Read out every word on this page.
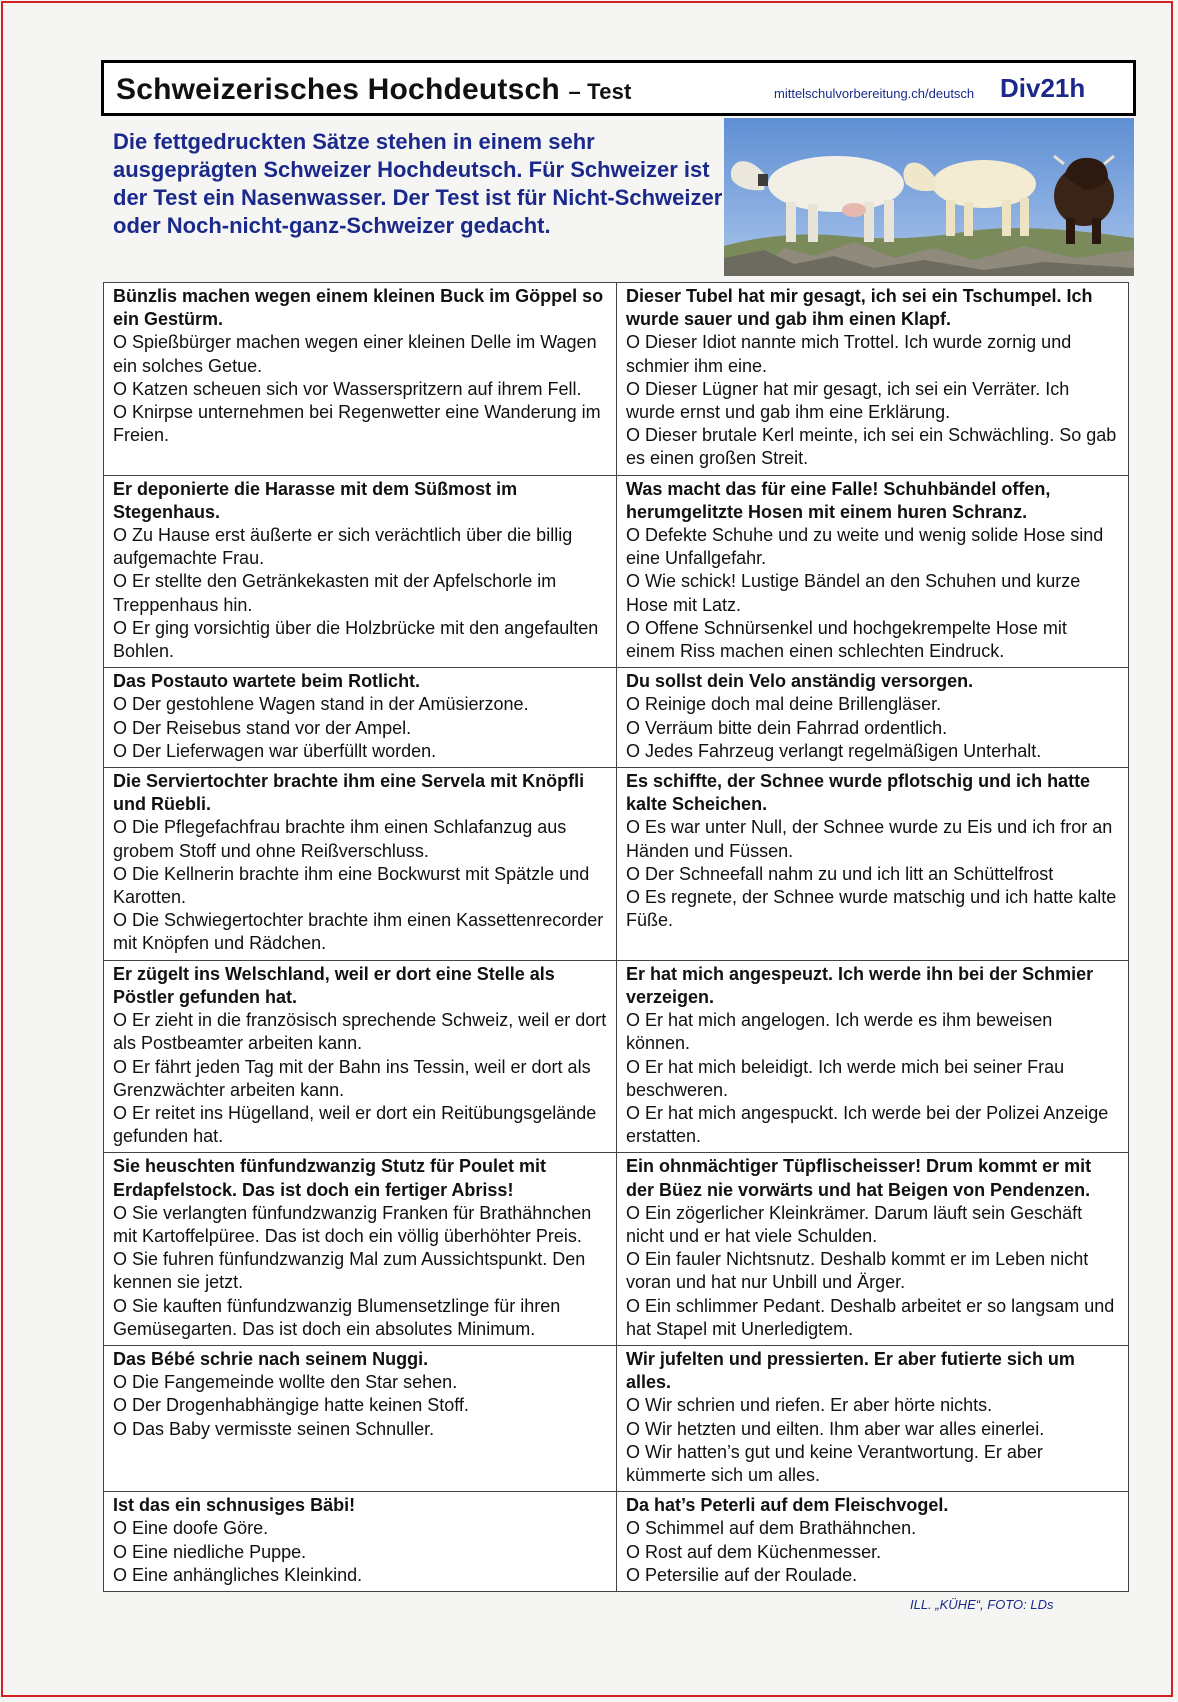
Schweizerisches Hochdeutsch – Test	mittelschulvorbereitung.ch/deutsch Div21h
Die fettgedruckten Sätze stehen in einem sehr ausgeprägten Schweizer Hochdeutsch. Für Schweizer ist der Test ein Nasenwasser. Der Test ist für Nicht-Schweizer oder Noch-nicht-ganz-Schweizer gedacht.
Bünzlis machen wegen einem kleinen Buck im Göppel so ein Gestürm.
O Spießbürger machen wegen einer kleinen Delle im Wagen ein solches Getue.
O Katzen scheuen sich vor Wasserspritzern auf ihrem Fell.
O Knirpse unternehmen bei Regenwetter eine Wanderung im Freien.
Dieser Tubel hat mir gesagt, ich sei ein Tschumpel. Ich wurde sauer und gab ihm einen Klapf.
O Dieser Idiot nannte mich Trottel. Ich wurde zornig und schmier ihm eine.
O Dieser Lügner hat mir gesagt, ich sei ein Verräter. Ich wurde ernst und gab ihm eine Erklärung.
O Dieser brutale Kerl meinte, ich sei ein Schwächling. So gab es einen großen Streit.
Er deponierte die Harasse mit dem Süßmost im Stegenhaus.
O Zu Hause erst äußerte er sich verächtlich über die billig aufgemachte Frau.
O Er stellte den Getränkekasten mit der Apfelschorle im Treppenhaus hin.
O Er ging vorsichtig über die Holzbrücke mit den angefaulten Bohlen.
Was macht das für eine Falle! Schuhbändel offen, herumgelitzte Hosen mit einem huren Schranz.
O Defekte Schuhe und zu weite und wenig solide Hose sind eine Unfallgefahr.
O Wie schick! Lustige Bändel an den Schuhen und kurze Hose mit Latz.
O Offene Schnürsenkel und hochgekrempelte Hose mit einem Riss machen einen schlechten Eindruck.
Das Postauto wartete beim Rotlicht.
O Der gestohlene Wagen stand in der Amüsierzone.
O Der Reisebus stand vor der Ampel.
O Der Lieferwagen war überfüllt worden.
Du sollst dein Velo anständig versorgen.
O Reinige doch mal deine Brillengläser.
O Verräum bitte dein Fahrrad ordentlich.
O Jedes Fahrzeug verlangt regelmäßigen Unterhalt.
Die Serviertochter brachte ihm eine Servela mit Knöpfli und Rüebli.
O Die Pflegefachfrau brachte ihm einen Schlafanzug aus grobem Stoff und ohne Reißverschluss.
O Die Kellnerin brachte ihm eine Bockwurst mit Spätzle und Karotten.
O Die Schwiegertochter brachte ihm einen Kassettenrecorder mit Knöpfen und Rädchen.
Es schiffte, der Schnee wurde pflotschig und ich hatte kalte Scheichen.
O Es war unter Null, der Schnee wurde zu Eis und ich fror an Händen und Füssen.
O Der Schneefall nahm zu und ich litt an Schüttelfrost
O Es regnete, der Schnee wurde matschig und ich hatte kalte Füße.
Er zügelt ins Welschland, weil er dort eine Stelle als Pöstler gefunden hat.
O Er zieht in die französisch sprechende Schweiz, weil er dort als Postbeamter arbeiten kann.
O Er fährt jeden Tag mit der Bahn ins Tessin, weil er dort als Grenzwächter arbeiten kann.
O Er reitet ins Hügelland, weil er dort ein Reitübungsgelände gefunden hat.
Er hat mich angespeuzt. Ich werde ihn bei der Schmier verzeigen.
O Er hat mich angelogen. Ich werde es ihm beweisen können.
O Er hat mich beleidigt. Ich werde mich bei seiner Frau beschweren.
O Er hat mich angespuckt. Ich werde bei der Polizei Anzeige erstatten.
Sie heuschten fünfundzwanzig Stutz für Poulet mit Erdapfelstock. Das ist doch ein fertiger Abriss!
O Sie verlangten fünfundzwanzig Franken für Brathähnchen mit Kartoffelpüree. Das ist doch ein völlig überhöhter Preis.
O Sie fuhren fünfundzwanzig Mal zum Aussichtspunkt. Den kennen sie jetzt.
O Sie kauften fünfundzwanzig Blumensetzlinge für ihren Gemüsegarten. Das ist doch ein absolutes Minimum.
Ein ohnmächtiger Tüpflischeisser! Drum kommt er mit der Büez nie vorwärts und hat Beigen von Pendenzen.
O Ein zögerlicher Kleinkrämer. Darum läuft sein Geschäft nicht und er hat viele Schulden.
O Ein fauler Nichtsnutz. Deshalb kommt er im Leben nicht voran und hat nur Unbill und Ärger.
O Ein schlimmer Pedant. Deshalb arbeitet er so langsam und hat Stapel mit Unerledigtem.
Das Bébé schrie nach seinem Nuggi.
O Die Fangemeinde wollte den Star sehen.
O Der Drogenhabhängige hatte keinen Stoff.
O Das Baby vermisste seinen Schnuller.
Wir jufelten und pressierten. Er aber futierte sich um alles.
O Wir schrien und riefen. Er aber hörte nichts.
O Wir hetzten und eilten. Ihm aber war alles einerlei.
O Wir hatten’s gut und keine Verantwortung. Er aber kümmerte sich um alles.
Ist das ein schnusiges Bäbi!
O Eine doofe Göre.
O Eine niedliche Puppe.
O Eine anhängliches Kleinkind.
Da hat’s Peterli auf dem Fleischvogel.
O Schimmel auf dem Brathähnchen.
O Rost auf dem Küchenmesser.
O Petersilie auf der Roulade.
ILL. „KÜHE“, FOTO: LDs
